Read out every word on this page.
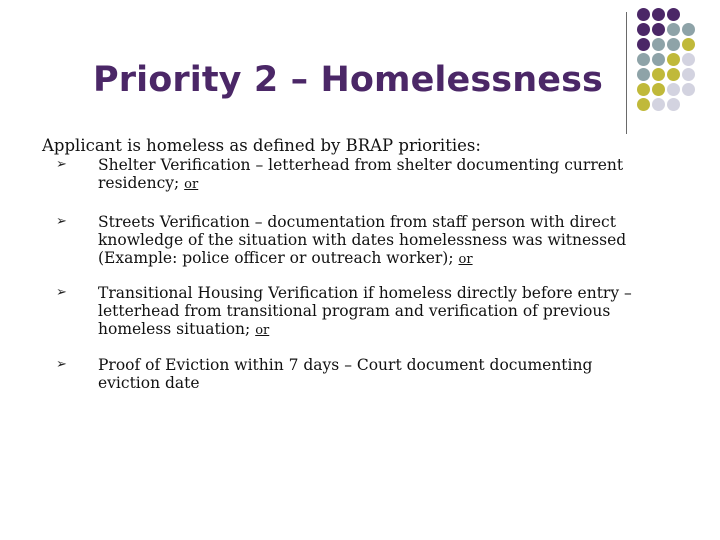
Priority 2 – Homelessness
Applicant is homeless as defined by BRAP priorities:
➢ Shelter Verification – letterhead from shelter documenting current
residency; or
➢ Streets Verification – documentation from staff person with direct
knowledge of the situation with dates homelessness was witnessed
(Example: police officer or outreach worker); or
➢ Transitional Housing Verification if homeless directly before entry –
letterhead from transitional program and verification of previous
homeless situation; or
➢ Proof of Eviction within 7 days – Court document documenting
eviction date
